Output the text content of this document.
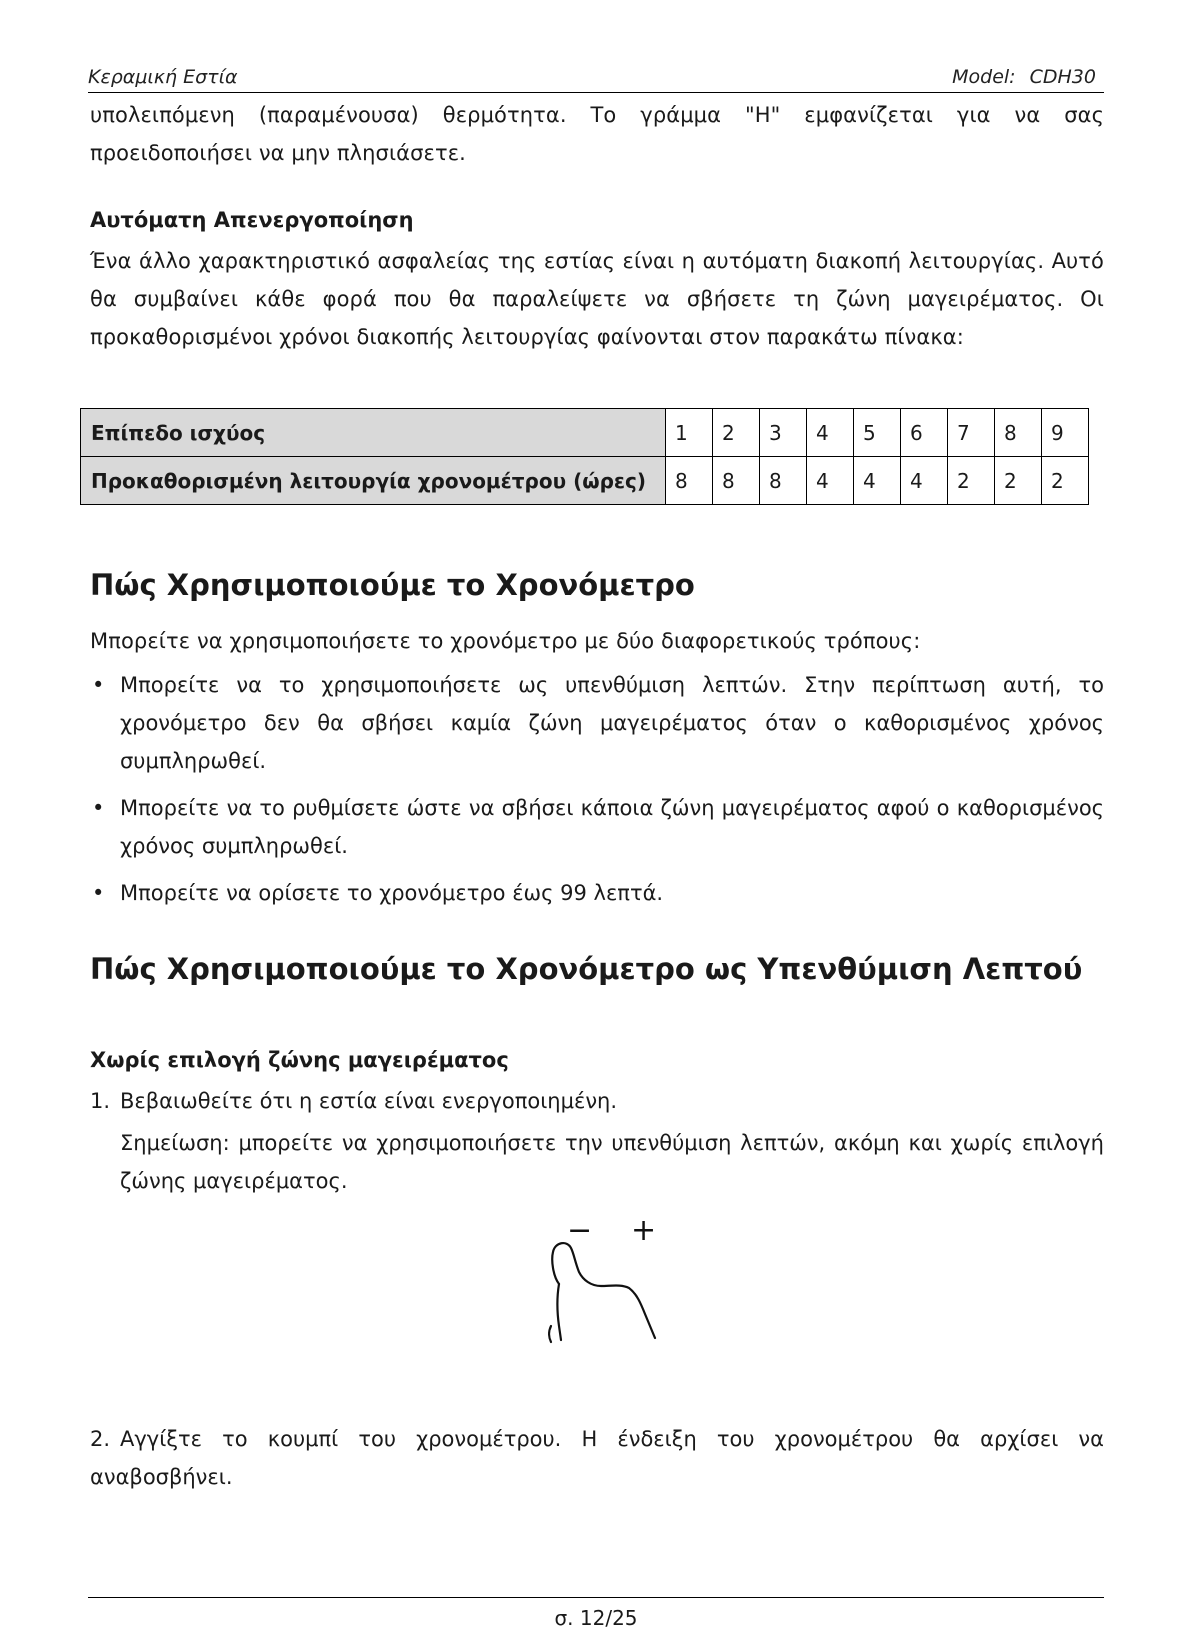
Κεραμική Εστία	Model: CDH30
υπολειπόμενη (παραμένουσα) θερμότητα. Το γράμμα "H" εμφανίζεται για να σας προειδοποιήσει να μην πλησιάσετε.
Αυτόματη Απενεργοποίηση
Ένα άλλο χαρακτηριστικό ασφαλείας της εστίας είναι η αυτόματη διακοπή λειτουργίας. Αυτό θα συμβαίνει κάθε φορά που θα παραλείψετε να σβήσετε τη ζώνη μαγειρέματος. Οι προκαθορισμένοι χρόνοι διακοπής λειτουργίας φαίνονται στον παρακάτω πίνακα:
Επίπεδο ισχύος	1	2	3	4	5	6	7	8	9
Προκαθορισμένη λειτουργία χρονομέτρου (ώρες)	8	8	8	4	4	4	2	2	2
Πώς Χρησιμοποιούμε το Χρονόμετρο
Μπορείτε να χρησιμοποιήσετε το χρονόμετρο με δύο διαφορετικούς τρόπους:
• Μπορείτε να το χρησιμοποιήσετε ως υπενθύμιση λεπτών. Στην περίπτωση αυτή, το χρονόμετρο δεν θα σβήσει καμία ζώνη μαγειρέματος όταν ο καθορισμένος χρόνος συμπληρωθεί.
• Μπορείτε να το ρυθμίσετε ώστε να σβήσει κάποια ζώνη μαγειρέματος αφού ο καθορισμένος χρόνος συμπληρωθεί.
• Μπορείτε να ορίσετε το χρονόμετρο έως 99 λεπτά.
Πώς Χρησιμοποιούμε το Χρονόμετρο ως Υπενθύμιση Λεπτού
Χωρίς επιλογή ζώνης μαγειρέματος
1. Βεβαιωθείτε ότι η εστία είναι ενεργοποιημένη.
Σημείωση: μπορείτε να χρησιμοποιήσετε την υπενθύμιση λεπτών, ακόμη και χωρίς επιλογή ζώνης μαγειρέματος.
− +
2. Αγγίξτε το κουμπί του χρονομέτρου. Η ένδειξη του χρονομέτρου θα αρχίσει να αναβοσβήνει.
σ. 12/25
